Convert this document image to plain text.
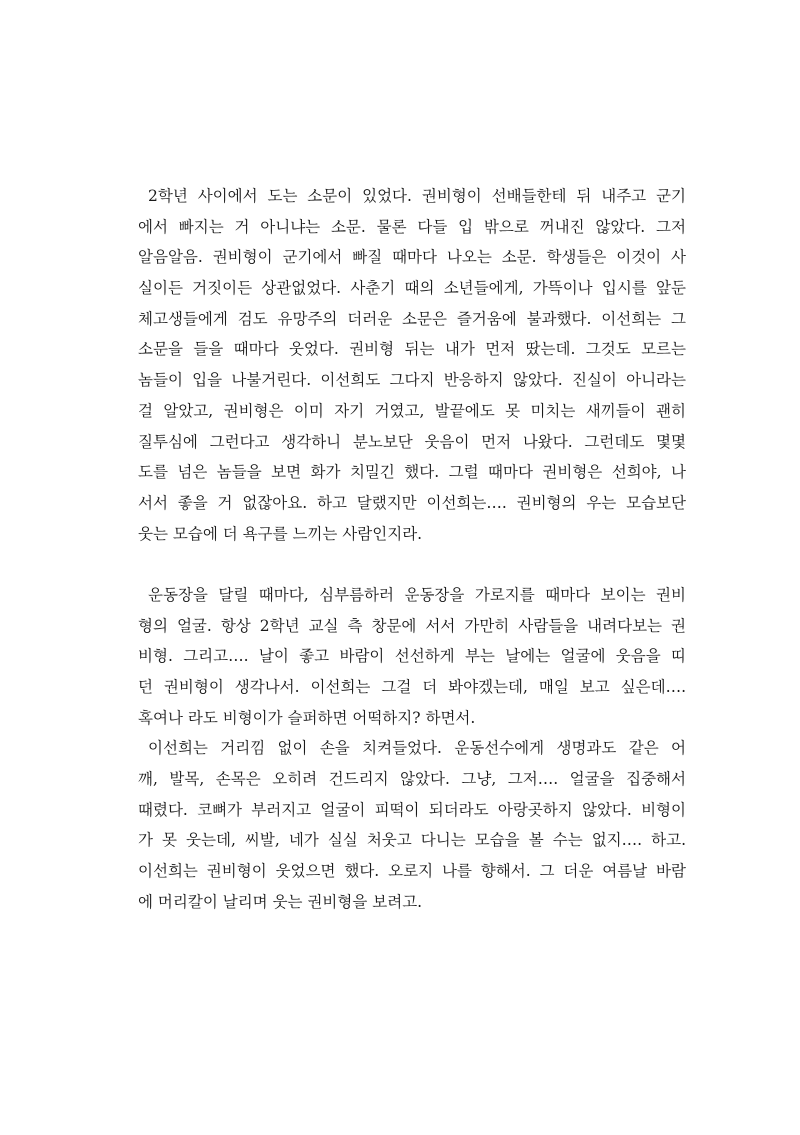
2학년 사이에서 도는 소문이 있었다. 권비형이 선배들한테 뒤 내주고 군기
에서 빠지는 거 아니냐는 소문. 물론 다들 입 밖으로 꺼내진 않았다. 그저
알음알음. 권비형이 군기에서 빠질 때마다 나오는 소문. 학생들은 이것이 사
실이든 거짓이든 상관없었다. 사춘기 때의 소년들에게, 가뜩이나 입시를 앞둔
체고생들에게 검도 유망주의 더러운 소문은 즐거움에 불과했다. 이선희는 그
소문을 들을 때마다 웃었다. 권비형 뒤는 내가 먼저 땄는데. 그것도 모르는
놈들이 입을 나불거린다. 이선희도 그다지 반응하지 않았다. 진실이 아니라는
걸 알았고, 권비형은 이미 자기 거였고, 발끝에도 못 미치는 새끼들이 괜히
질투심에 그런다고 생각하니 분노보단 웃음이 먼저 나왔다. 그런데도 몇몇
도를 넘은 놈들을 보면 화가 치밀긴 했다. 그럴 때마다 권비형은 선희야, 나
서서 좋을 거 없잖아요. 하고 달랬지만 이선희는…. 권비형의 우는 모습보단
웃는 모습에 더 욕구를 느끼는 사람인지라.
운동장을 달릴 때마다, 심부름하러 운동장을 가로지를 때마다 보이는 권비
형의 얼굴. 항상 2학년 교실 측 창문에 서서 가만히 사람들을 내려다보는 권
비형. 그리고…. 날이 좋고 바람이 선선하게 부는 날에는 얼굴에 웃음을 띠
던 권비형이 생각나서. 이선희는 그걸 더 봐야겠는데, 매일 보고 싶은데….
혹여나 라도 비형이가 슬퍼하면 어떡하지? 하면서.
이선희는 거리낌 없이 손을 치켜들었다. 운동선수에게 생명과도 같은 어
깨, 발목, 손목은 오히려 건드리지 않았다. 그냥, 그저…. 얼굴을 집중해서
때렸다. 코뼈가 부러지고 얼굴이 피떡이 되더라도 아랑곳하지 않았다. 비형이
가 못 웃는데, 씨발, 네가 실실 처웃고 다니는 모습을 볼 수는 없지…. 하고.
이선희는 권비형이 웃었으면 했다. 오로지 나를 향해서. 그 더운 여름날 바람
에 머리칼이 날리며 웃는 권비형을 보려고.
